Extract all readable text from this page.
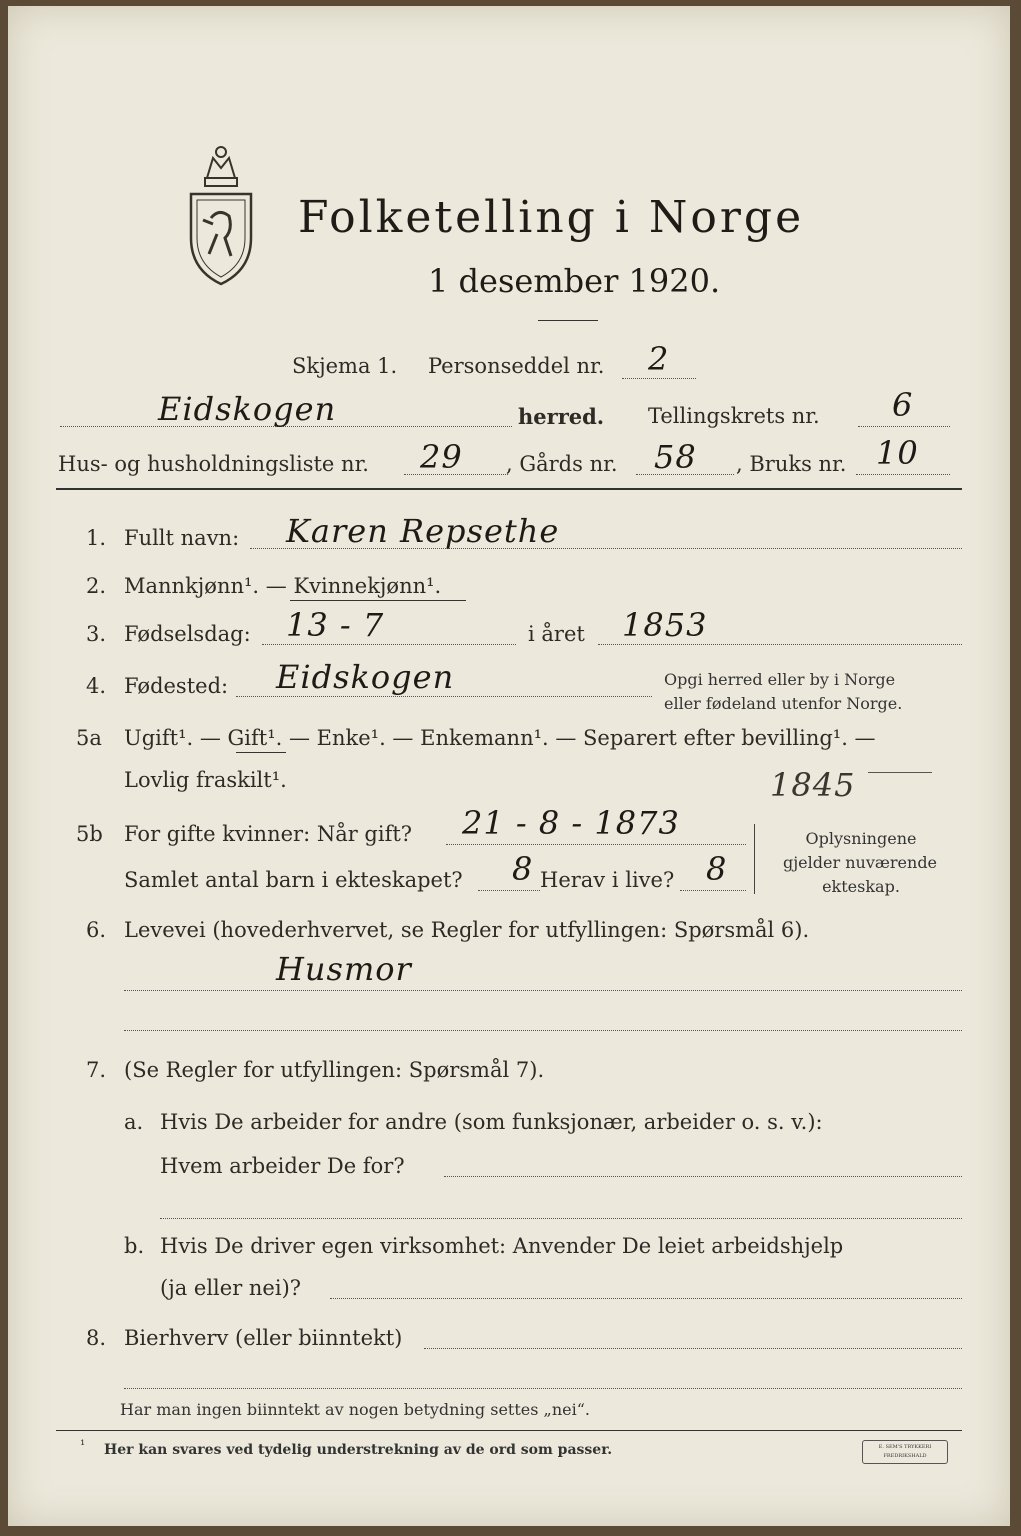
Folketelling i Norge
1 desember 1920.
Skjema 1. Personseddel nr. 2
Eidskogen	herred. Tellingskrets nr. 6
Hus- og husholdningsliste nr. 29 , Gårds nr. 58 , Bruks nr. 10
1. Fullt navn: Karen Repsethe
2. Mannkjønn¹. — Kvinnekjønn¹.
3. Fødselsdag: 13 - 7	i året 1853
4. Fødested: Eidskogen	Opgi herred eller by i Norge
eller fødeland utenfor Norge.
5a Ugift¹. — Gift¹. — Enke¹. — Enkemann¹. — Separert efter bevilling¹. —
Lovlig fraskilt¹.	1845
5b For gifte kvinner: Når gift? 21 - 8 - 1873
Samlet antal barn i ekteskapet? 8 Herav i live? 8
Oplysningene
gjelder nuværende
ekteskap.
6. Levevei (hovederhvervet, se Regler for utfyllingen: Spørsmål 6).
Husmor
7. (Se Regler for utfyllingen: Spørsmål 7).
a. Hvis De arbeider for andre (som funksjonær, arbeider o. s. v.):
Hvem arbeider De for?
b. Hvis De driver egen virksomhet: Anvender De leiet arbeidshjelp
(ja eller nei)?
8. Bierhverv (eller biinntekt)
Har man ingen biinntekt av nogen betydning settes „nei“.
¹ Her kan svares ved tydelig understrekning av de ord som passer.	E. SEM'S TRYKKERI FREDRIKSHALD
